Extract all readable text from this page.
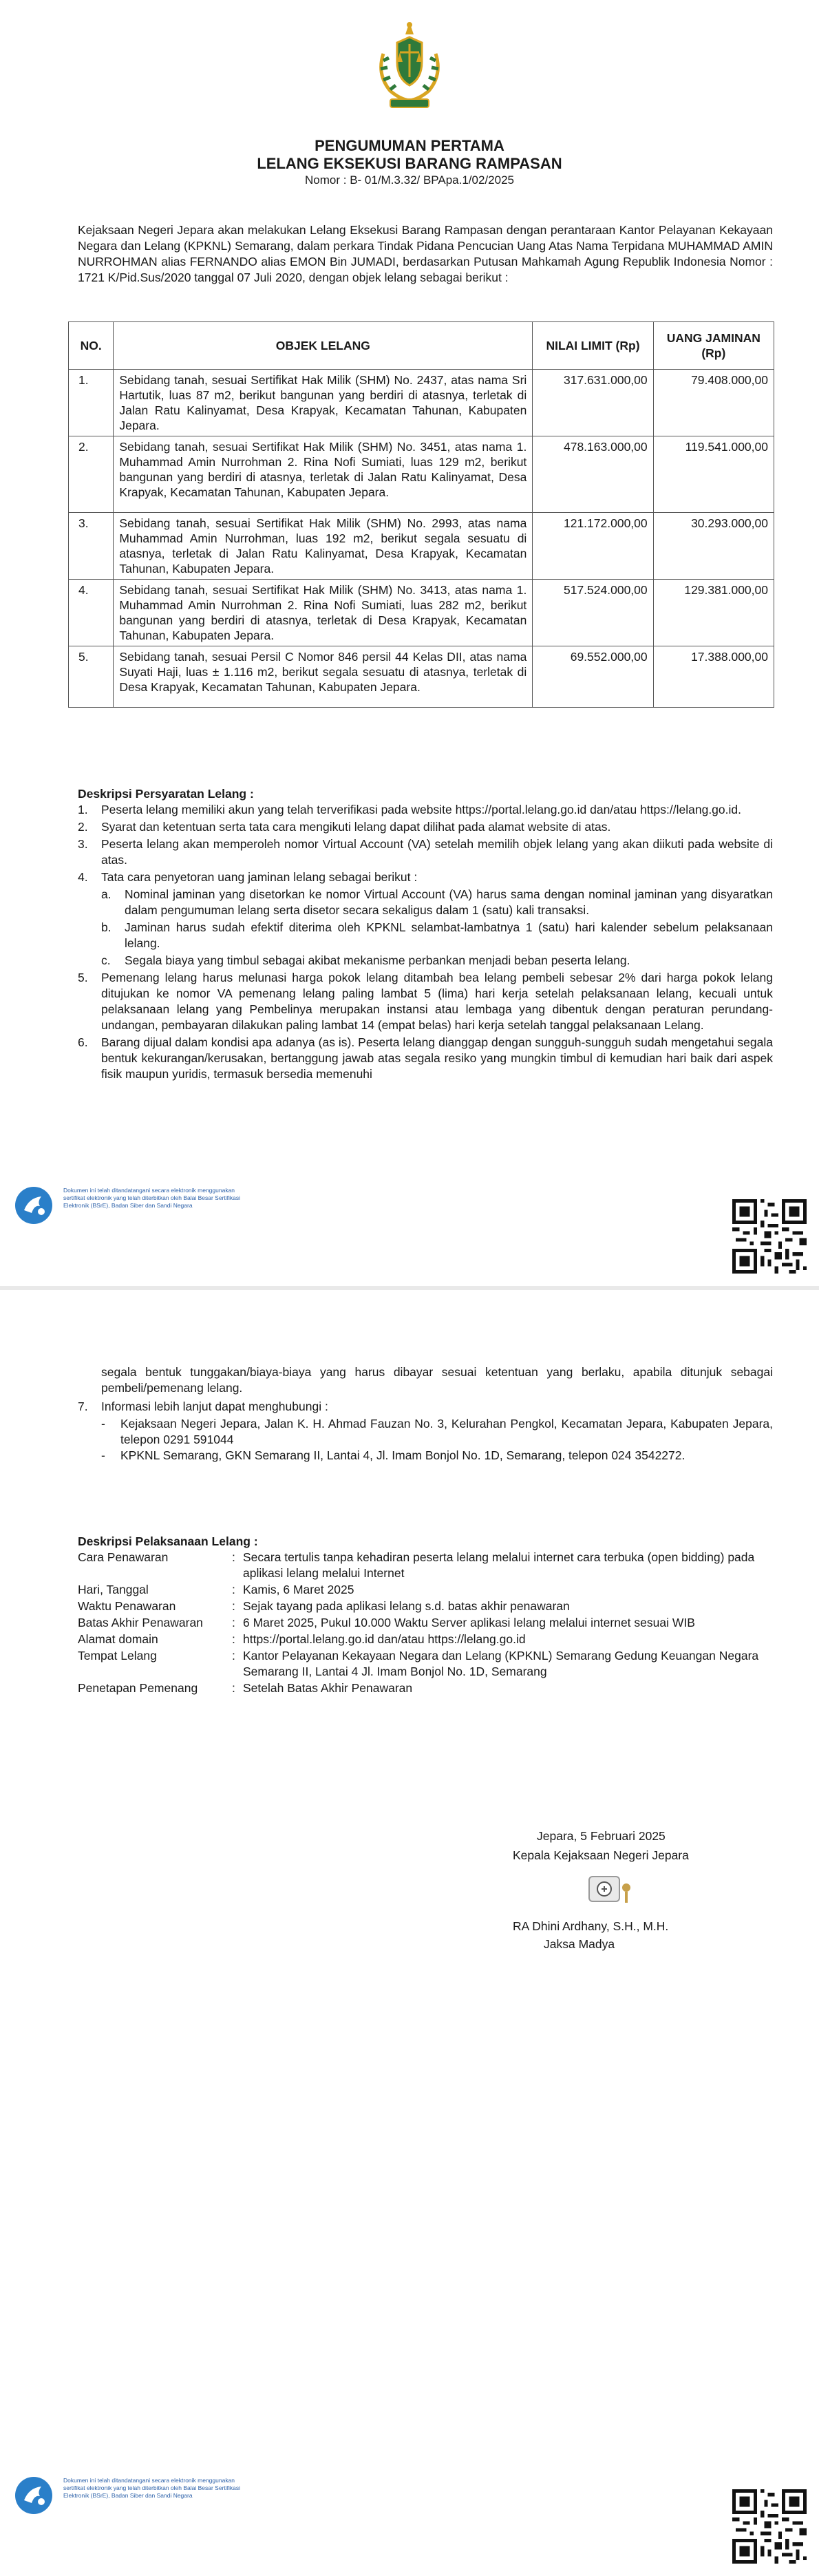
PENGUMUMAN PERTAMA
LELANG EKSEKUSI BARANG RAMPASAN
Nomor : B- 01/M.3.32/ BPApa.1/02/2025
Kejaksaan Negeri Jepara akan melakukan Lelang Eksekusi Barang Rampasan dengan perantaraan Kantor Pelayanan Kekayaan Negara dan Lelang (KPKNL) Semarang, dalam perkara Tindak Pidana Pencucian Uang Atas Nama Terpidana MUHAMMAD AMIN NURROHMAN alias FERNANDO alias EMON Bin JUMADI, berdasarkan Putusan Mahkamah Agung Republik Indonesia Nomor : 1721 K/Pid.Sus/2020 tanggal 07 Juli 2020, dengan objek lelang sebagai berikut :
NO.	OBJEK LELANG	NILAI LIMIT (Rp)	UANG JAMINAN (Rp)
1.	Sebidang tanah, sesuai Sertifikat Hak Milik (SHM) No. 2437, atas nama Sri Hartutik, luas 87 m2, berikut bangunan yang berdiri di atasnya, terletak di Jalan Ratu Kalinyamat, Desa Krapyak, Kecamatan Tahunan, Kabupaten Jepara.	317.631.000,00	79.408.000,00
2.	Sebidang tanah, sesuai Sertifikat Hak Milik (SHM) No. 3451, atas nama 1. Muhammad Amin Nurrohman 2. Rina Nofi Sumiati, luas 129 m2, berikut bangunan yang berdiri di atasnya, terletak di Jalan Ratu Kalinyamat, Desa Krapyak, Kecamatan Tahunan, Kabupaten Jepara.	478.163.000,00	119.541.000,00
3.	Sebidang tanah, sesuai Sertifikat Hak Milik (SHM) No. 2993, atas nama Muhammad Amin Nurrohman, luas 192 m2, berikut segala sesuatu di atasnya, terletak di Jalan Ratu Kalinyamat, Desa Krapyak, Kecamatan Tahunan, Kabupaten Jepara.	121.172.000,00	30.293.000,00
4.	Sebidang tanah, sesuai Sertifikat Hak Milik (SHM) No. 3413, atas nama 1. Muhammad Amin Nurrohman 2. Rina Nofi Sumiati, luas 282 m2, berikut bangunan yang berdiri di atasnya, terletak di Desa Krapyak, Kecamatan Tahunan, Kabupaten Jepara.	517.524.000,00	129.381.000,00
5.	Sebidang tanah, sesuai Persil C Nomor 846 persil 44 Kelas DII, atas nama Suyati Haji, luas ± 1.116 m2, berikut segala sesuatu di atasnya, terletak di Desa Krapyak, Kecamatan Tahunan, Kabupaten Jepara.	69.552.000,00	17.388.000,00
Deskripsi Persyaratan Lelang :
1. Peserta lelang memiliki akun yang telah terverifikasi pada website https://portal.lelang.go.id dan/atau https://lelang.go.id.
2. Syarat dan ketentuan serta tata cara mengikuti lelang dapat dilihat pada alamat website di atas.
3. Peserta lelang akan memperoleh nomor Virtual Account (VA) setelah memilih objek lelang yang akan diikuti pada website di atas.
4. Tata cara penyetoran uang jaminan lelang sebagai berikut :
a. Nominal jaminan yang disetorkan ke nomor Virtual Account (VA) harus sama dengan nominal jaminan yang disyaratkan dalam pengumuman lelang serta disetor secara sekaligus dalam 1 (satu) kali transaksi.
b. Jaminan harus sudah efektif diterima oleh KPKNL selambat-lambatnya 1 (satu) hari kalender sebelum pelaksanaan lelang.
c. Segala biaya yang timbul sebagai akibat mekanisme perbankan menjadi beban peserta lelang.
5. Pemenang lelang harus melunasi harga pokok lelang ditambah bea lelang pembeli sebesar 2% dari harga pokok lelang ditujukan ke nomor VA pemenang lelang paling lambat 5 (lima) hari kerja setelah pelaksanaan lelang, kecuali untuk pelaksanaan lelang yang Pembelinya merupakan instansi atau lembaga yang dibentuk dengan peraturan perundang-undangan, pembayaran dilakukan paling lambat 14 (empat belas) hari kerja setelah tanggal pelaksanaan Lelang.
6. Barang dijual dalam kondisi apa adanya (as is). Peserta lelang dianggap dengan sungguh-sungguh sudah mengetahui segala bentuk kekurangan/kerusakan, bertanggung jawab atas segala resiko yang mungkin timbul di kemudian hari baik dari aspek fisik maupun yuridis, termasuk bersedia memenuhi
Dokumen ini telah ditandatangani secara elektronik menggunakan sertifikat elektronik yang telah diterbitkan oleh Balai Besar Sertifikasi Elektronik (BSrE), Badan Siber dan Sandi Negara
segala bentuk tunggakan/biaya-biaya yang harus dibayar sesuai ketentuan yang berlaku, apabila ditunjuk sebagai pembeli/pemenang lelang.
7. Informasi lebih lanjut dapat menghubungi :
- Kejaksaan Negeri Jepara, Jalan K. H. Ahmad Fauzan No. 3, Kelurahan Pengkol, Kecamatan Jepara, Kabupaten Jepara, telepon 0291 591044
- KPKNL Semarang, GKN Semarang II, Lantai 4, Jl. Imam Bonjol No. 1D, Semarang, telepon 024 3542272.
Deskripsi Pelaksanaan Lelang :
Cara Penawaran	: Secara tertulis tanpa kehadiran peserta lelang melalui internet cara terbuka (open bidding) pada aplikasi lelang melalui Internet
Hari, Tanggal	: Kamis, 6 Maret 2025
Waktu Penawaran	: Sejak tayang pada aplikasi lelang s.d. batas akhir penawaran
Batas Akhir Penawaran	: 6 Maret 2025, Pukul 10.000 Waktu Server aplikasi lelang melalui internet sesuai WIB
Alamat domain	: https://portal.lelang.go.id dan/atau https://lelang.go.id
Tempat Lelang	: Kantor Pelayanan Kekayaan Negara dan Lelang (KPKNL) Semarang Gedung Keuangan Negara Semarang II, Lantai 4 Jl. Imam Bonjol No. 1D, Semarang
Penetapan Pemenang	: Setelah Batas Akhir Penawaran
Jepara, 5 Februari 2025
Kepala Kejaksaan Negeri Jepara
RA Dhini Ardhany, S.H., M.H.
Jaksa Madya
Dokumen ini telah ditandatangani secara elektronik menggunakan sertifikat elektronik yang telah diterbitkan oleh Balai Besar Sertifikasi Elektronik (BSrE), Badan Siber dan Sandi Negara
